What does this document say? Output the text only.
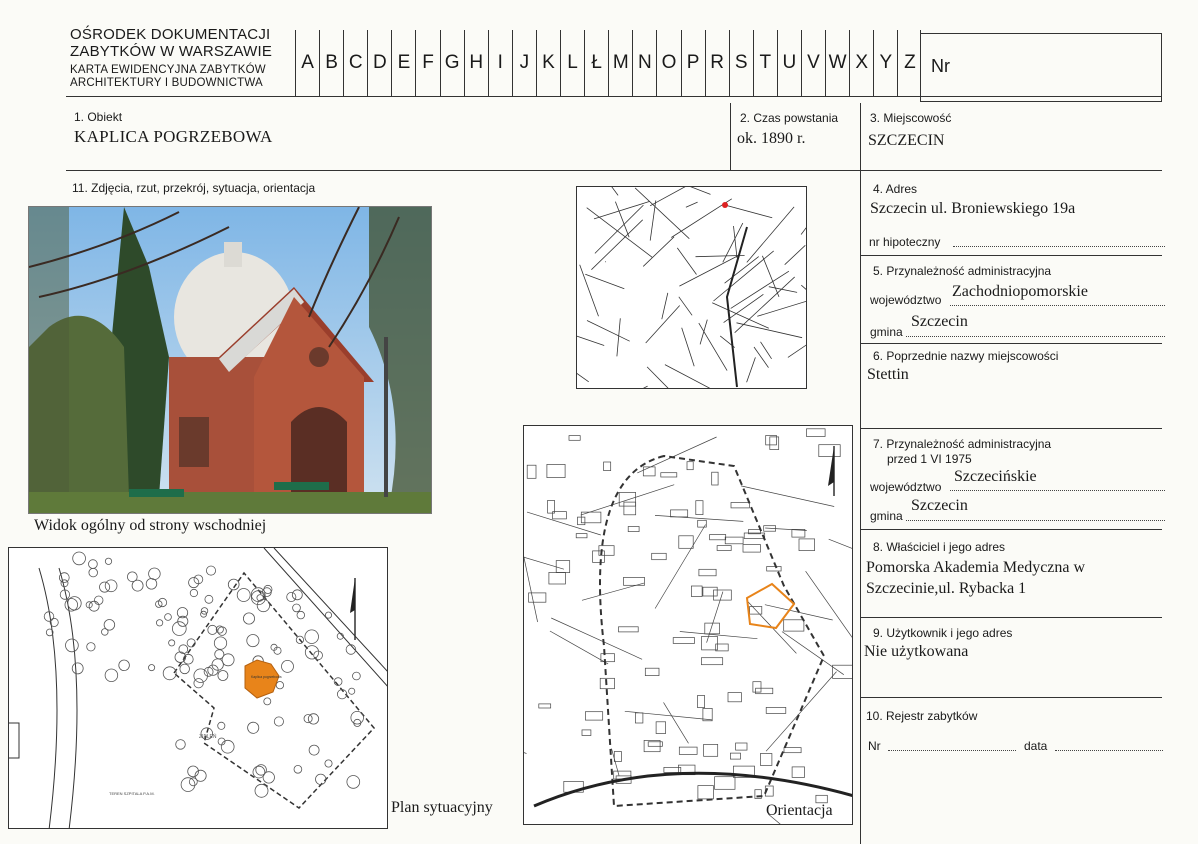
OŚRODEK DOKUMENTACJI
ZABYTKÓW W WARSZAWIE
KARTA EWIDENCYJNA ZABYTKÓW
ARCHITEKTURY I BUDOWNICTWA
A B C D E F G H I J K L Ł M N O P R S T U V W X Y Z Nr
1. Obiekt
KAPLICA POGRZEBOWA
2. Czas powstania
ok. 1890 r.
3. Miejscowość
SZCZECIN
11. Zdjęcia, rzut, przekrój, sytuacja, orientacja
Widok ogólny od strony wschodniej
ZIELEŃ
Kaplica pogrzebowa
TEREN SZPITALA P.A.M.
Plan sytuacyjny	Orientacja
4. Adres
Szczecin ul. Broniewskiego 19a
nr hipoteczny
5. Przynależność administracyjna
województwo Zachodniopomorskie
gmina
Szczecin
6. Poprzednie nazwy miejscowości
Stettin
7. Przynależność administracyjna
przed 1 VI 1975
województwo
Szczecińskie
gmina
Szczecin
8. Właściciel i jego adres
Pomorska Akademia Medyczna w
Szczecinie,ul. Rybacka 1
9. Użytkownik i jego adres
Nie użytkowana
10. Rejestr zabytków
Nr	data
